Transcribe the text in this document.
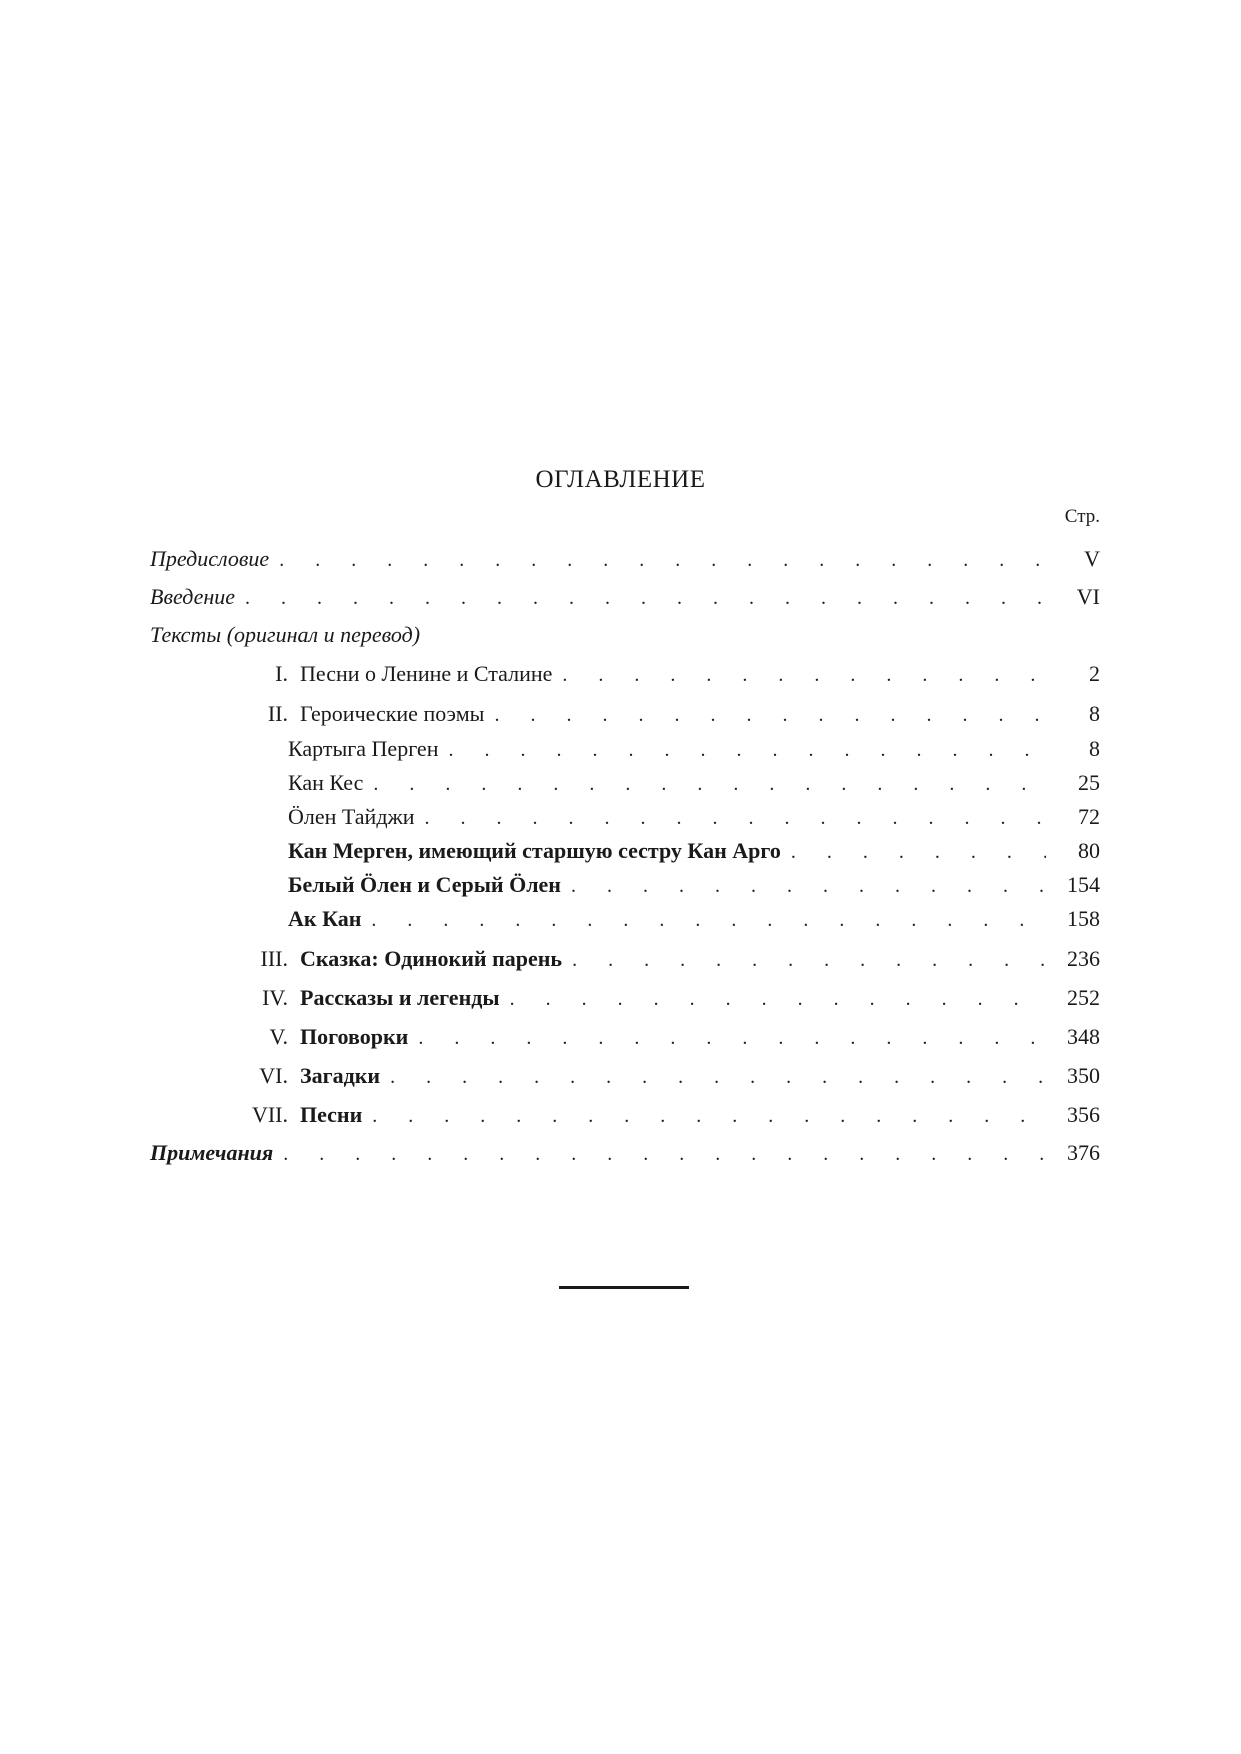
ОГЛАВЛЕНИЕ
Стр.
Предисловие . . .	V
Введение . . .	VI
Тексты (оригинал и перевод)
I. Песни о Ленине и Сталине . . .	2
II. Героические поэмы . . .	8
Картыга Перген . . .	8
Кан Кес . . .	25
Öлен Тайджи . . .	72
Кан Мерген, имеющий старшую сестру Кан Арго . . .	80
Белый Öлен и Серый Öлен . . .	154
Ак Кан . . .	158
III. Сказка: Одинокий парень . . .	236
IV. Рассказы и легенды . . .	252
V. Поговорки . . .	348
VI. Загадки . . .	350
VII. Песни . . .	356
Примечания . . .	376
